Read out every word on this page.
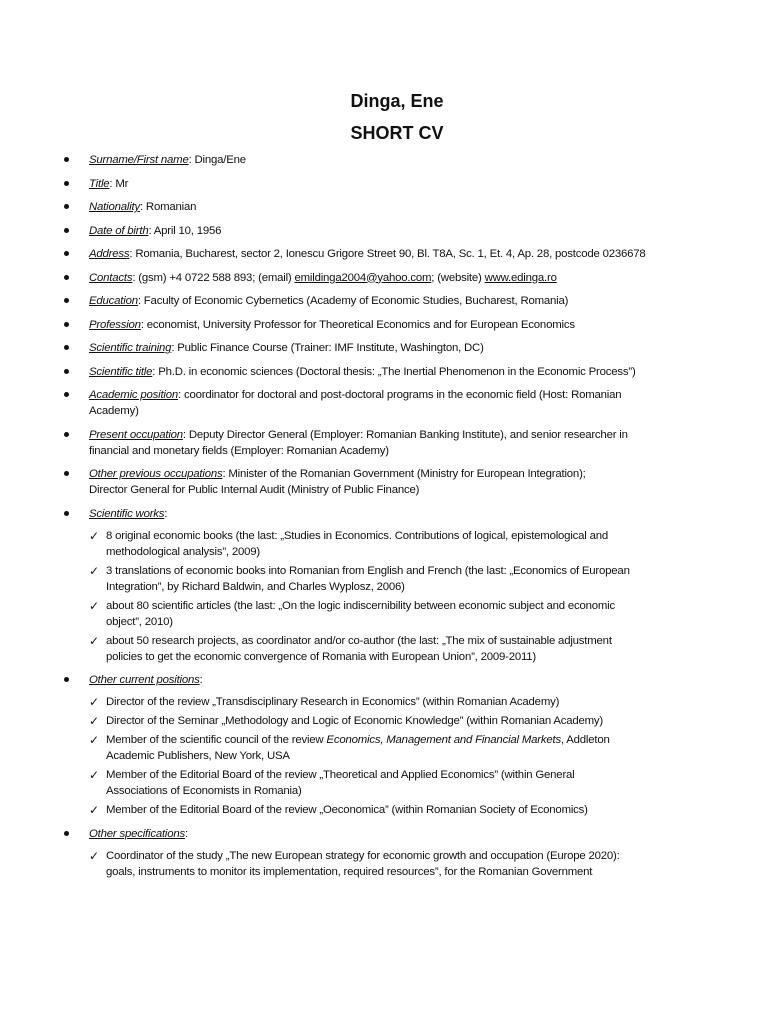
Dinga, Ene
SHORT CV
Surname/First name: Dinga/Ene
Title: Mr
Nationality: Romanian
Date of birth: April 10, 1956
Address: Romania, Bucharest, sector 2, Ionescu Grigore Street 90, Bl. T8A, Sc. 1, Et. 4, Ap. 28, postcode 0236678
Contacts: (gsm) +4 0722 588 893; (email) emildinga2004@yahoo.com; (website) www.edinga.ro
Education: Faculty of Economic Cybernetics (Academy of Economic Studies, Bucharest, Romania)
Profession: economist, University Professor for Theoretical Economics and for European Economics
Scientific training: Public Finance Course (Trainer: IMF Institute, Washington, DC)
Scientific title: Ph.D. in economic sciences (Doctoral thesis: „The Inertial Phenomenon in the Economic Process”)
Academic position: coordinator for doctoral and post-doctoral programs in the economic field (Host: Romanian
Academy)
Present occupation: Deputy Director General (Employer: Romanian Banking Institute), and senior researcher in
financial and monetary fields (Employer: Romanian Academy)
Other previous occupations: Minister of the Romanian Government (Ministry for European Integration);
Director General for Public Internal Audit (Ministry of Public Finance)
Scientific works:
✓ 8 original economic books (the last: „Studies in Economics. Contributions of logical, epistemological and
methodological analysis”, 2009)
✓ 3 translations of economic books into Romanian from English and French (the last: „Economics of European
Integration”, by Richard Baldwin, and Charles Wyplosz, 2006)
✓ about 80 scientific articles (the last: „On the logic indiscernibility between economic subject and economic
object”, 2010)
✓ about 50 research projects, as coordinator and/or co-author (the last: „The mix of sustainable adjustment
policies to get the economic convergence of Romania with European Union”, 2009-2011)
Other current positions:
✓ Director of the review „Transdisciplinary Research in Economics” (within Romanian Academy)
✓ Director of the Seminar „Methodology and Logic of Economic Knowledge” (within Romanian Academy)
✓ Member of the scientific council of the review Economics, Management and Financial Markets, Addleton
Academic Publishers, New York, USA
✓ Member of the Editorial Board of the review „Theoretical and Applied Economics” (within General
Associations of Economists in Romania)
✓ Member of the Editorial Board of the review „Oeconomica” (within Romanian Society of Economics)
Other specifications:
✓ Coordinator of the study „The new European strategy for economic growth and occupation (Europe 2020):
goals, instruments to monitor its implementation, required resources”, for the Romanian Government
